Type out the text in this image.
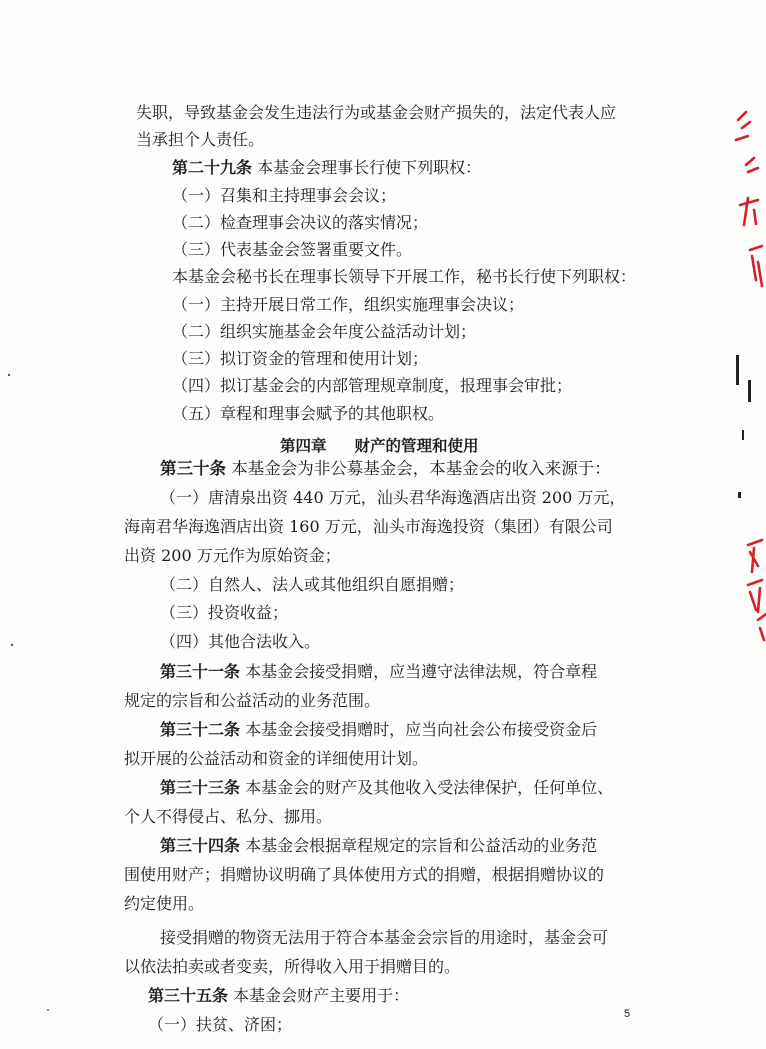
失职，导致基金会发生违法行为或基金会财产损失的，法定代表人应
当承担个人责任。
第二十九条 本基金会理事长行使下列职权：
（一）召集和主持理事会会议；
（二）检查理事会决议的落实情况；
（三）代表基金会签署重要文件。
本基金会秘书长在理事长领导下开展工作，秘书长行使下列职权：
（一）主持开展日常工作，组织实施理事会决议；
（二）组织实施基金会年度公益活动计划；
（三）拟订资金的管理和使用计划；
（四）拟订基金会的内部管理规章制度，报理事会审批；
（五）章程和理事会赋予的其他职权。
第四章 财产的管理和使用
第三十条 本基金会为非公募基金会，本基金会的收入来源于：
（一）唐清泉出资 440 万元，汕头君华海逸酒店出资 200 万元，
海南君华海逸酒店出资 160 万元，汕头市海逸投资（集团）有限公司
出资 200 万元作为原始资金；
（二）自然人、法人或其他组织自愿捐赠；
（三）投资收益；
（四）其他合法收入。
第三十一条 本基金会接受捐赠，应当遵守法律法规，符合章程
规定的宗旨和公益活动的业务范围。
第三十二条 本基金会接受捐赠时，应当向社会公布接受资金后
拟开展的公益活动和资金的详细使用计划。
第三十三条 本基金会的财产及其他收入受法律保护，任何单位、
个人不得侵占、私分、挪用。
第三十四条 本基金会根据章程规定的宗旨和公益活动的业务范
围使用财产；捐赠协议明确了具体使用方式的捐赠，根据捐赠协议的
约定使用。
接受捐赠的物资无法用于符合本基金会宗旨的用途时，基金会可
以依法拍卖或者变卖，所得收入用于捐赠目的。
第三十五条 本基金会财产主要用于：
（一）扶贫、济困；
5
